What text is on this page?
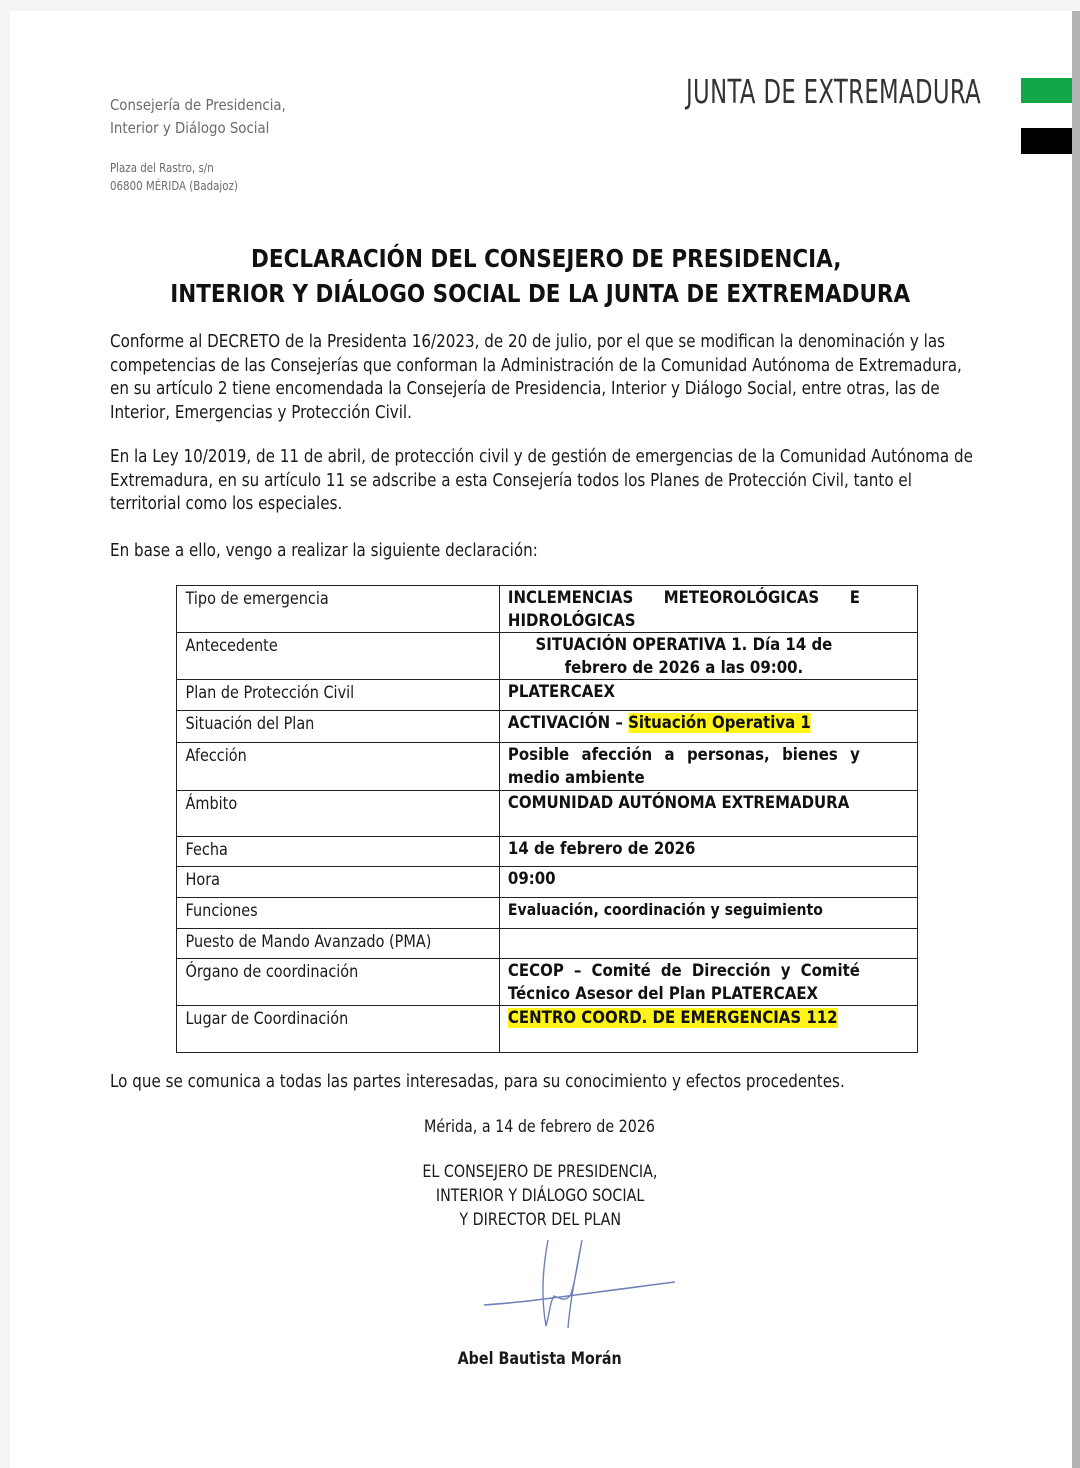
Consejería de Presidencia,
Interior y Diálogo Social
Plaza del Rastro, s/n
06800 MÉRIDA (Badajoz)
JUNTA DE EXTREMADURA
DECLARACIÓN DEL CONSEJERO DE PRESIDENCIA,
INTERIOR Y DIÁLOGO SOCIAL DE LA JUNTA DE EXTREMADURA
Conforme al DECRETO de la Presidenta 16/2023, de 20 de julio, por el que se modifican la denominación y las competencias de las Consejerías que conforman la Administración de la Comunidad Autónoma de Extremadura, en su artículo 2 tiene encomendada la Consejería de Presidencia, Interior y Diálogo Social, entre otras, las de Interior, Emergencias y Protección Civil.
En la Ley 10/2019, de 11 de abril, de protección civil y de gestión de emergencias de la Comunidad Autónoma de Extremadura, en su artículo 11 se adscribe a esta Consejería todos los Planes de Protección Civil, tanto el territorial como los especiales.
En base a ello, vengo a realizar la siguiente declaración:
Tipo de emergencia	INCLEMENCIAS METEOROLÓGICAS E HIDROLÓGICAS

Antecedente	SITUACIÓN OPERATIVA 1. Día 14 de febrero de 2026 a las 09:00.

Plan de Protección Civil	PLATERCAEX

Situación del Plan	ACTIVACIÓN – Situación Operativa 1

Afección	Posible afección a personas, bienes y medio ambiente

Ámbito	COMUNIDAD AUTÓNOMA EXTREMADURA

Fecha	14 de febrero de 2026

Hora	09:00

Funciones	Evaluación, coordinación y seguimiento

Puesto de Mando Avanzado (PMA)	

Órgano de coordinación	CECOP – Comité de Dirección y Comité Técnico Asesor del Plan PLATERCAEX

Lugar de Coordinación	CENTRO COORD. DE EMERGENCIAS 112
Lo que se comunica a todas las partes interesadas, para su conocimiento y efectos procedentes.
Mérida, a 14 de febrero de 2026
EL CONSEJERO DE PRESIDENCIA,
INTERIOR Y DIÁLOGO SOCIAL
Y DIRECTOR DEL PLAN
Abel Bautista Morán
